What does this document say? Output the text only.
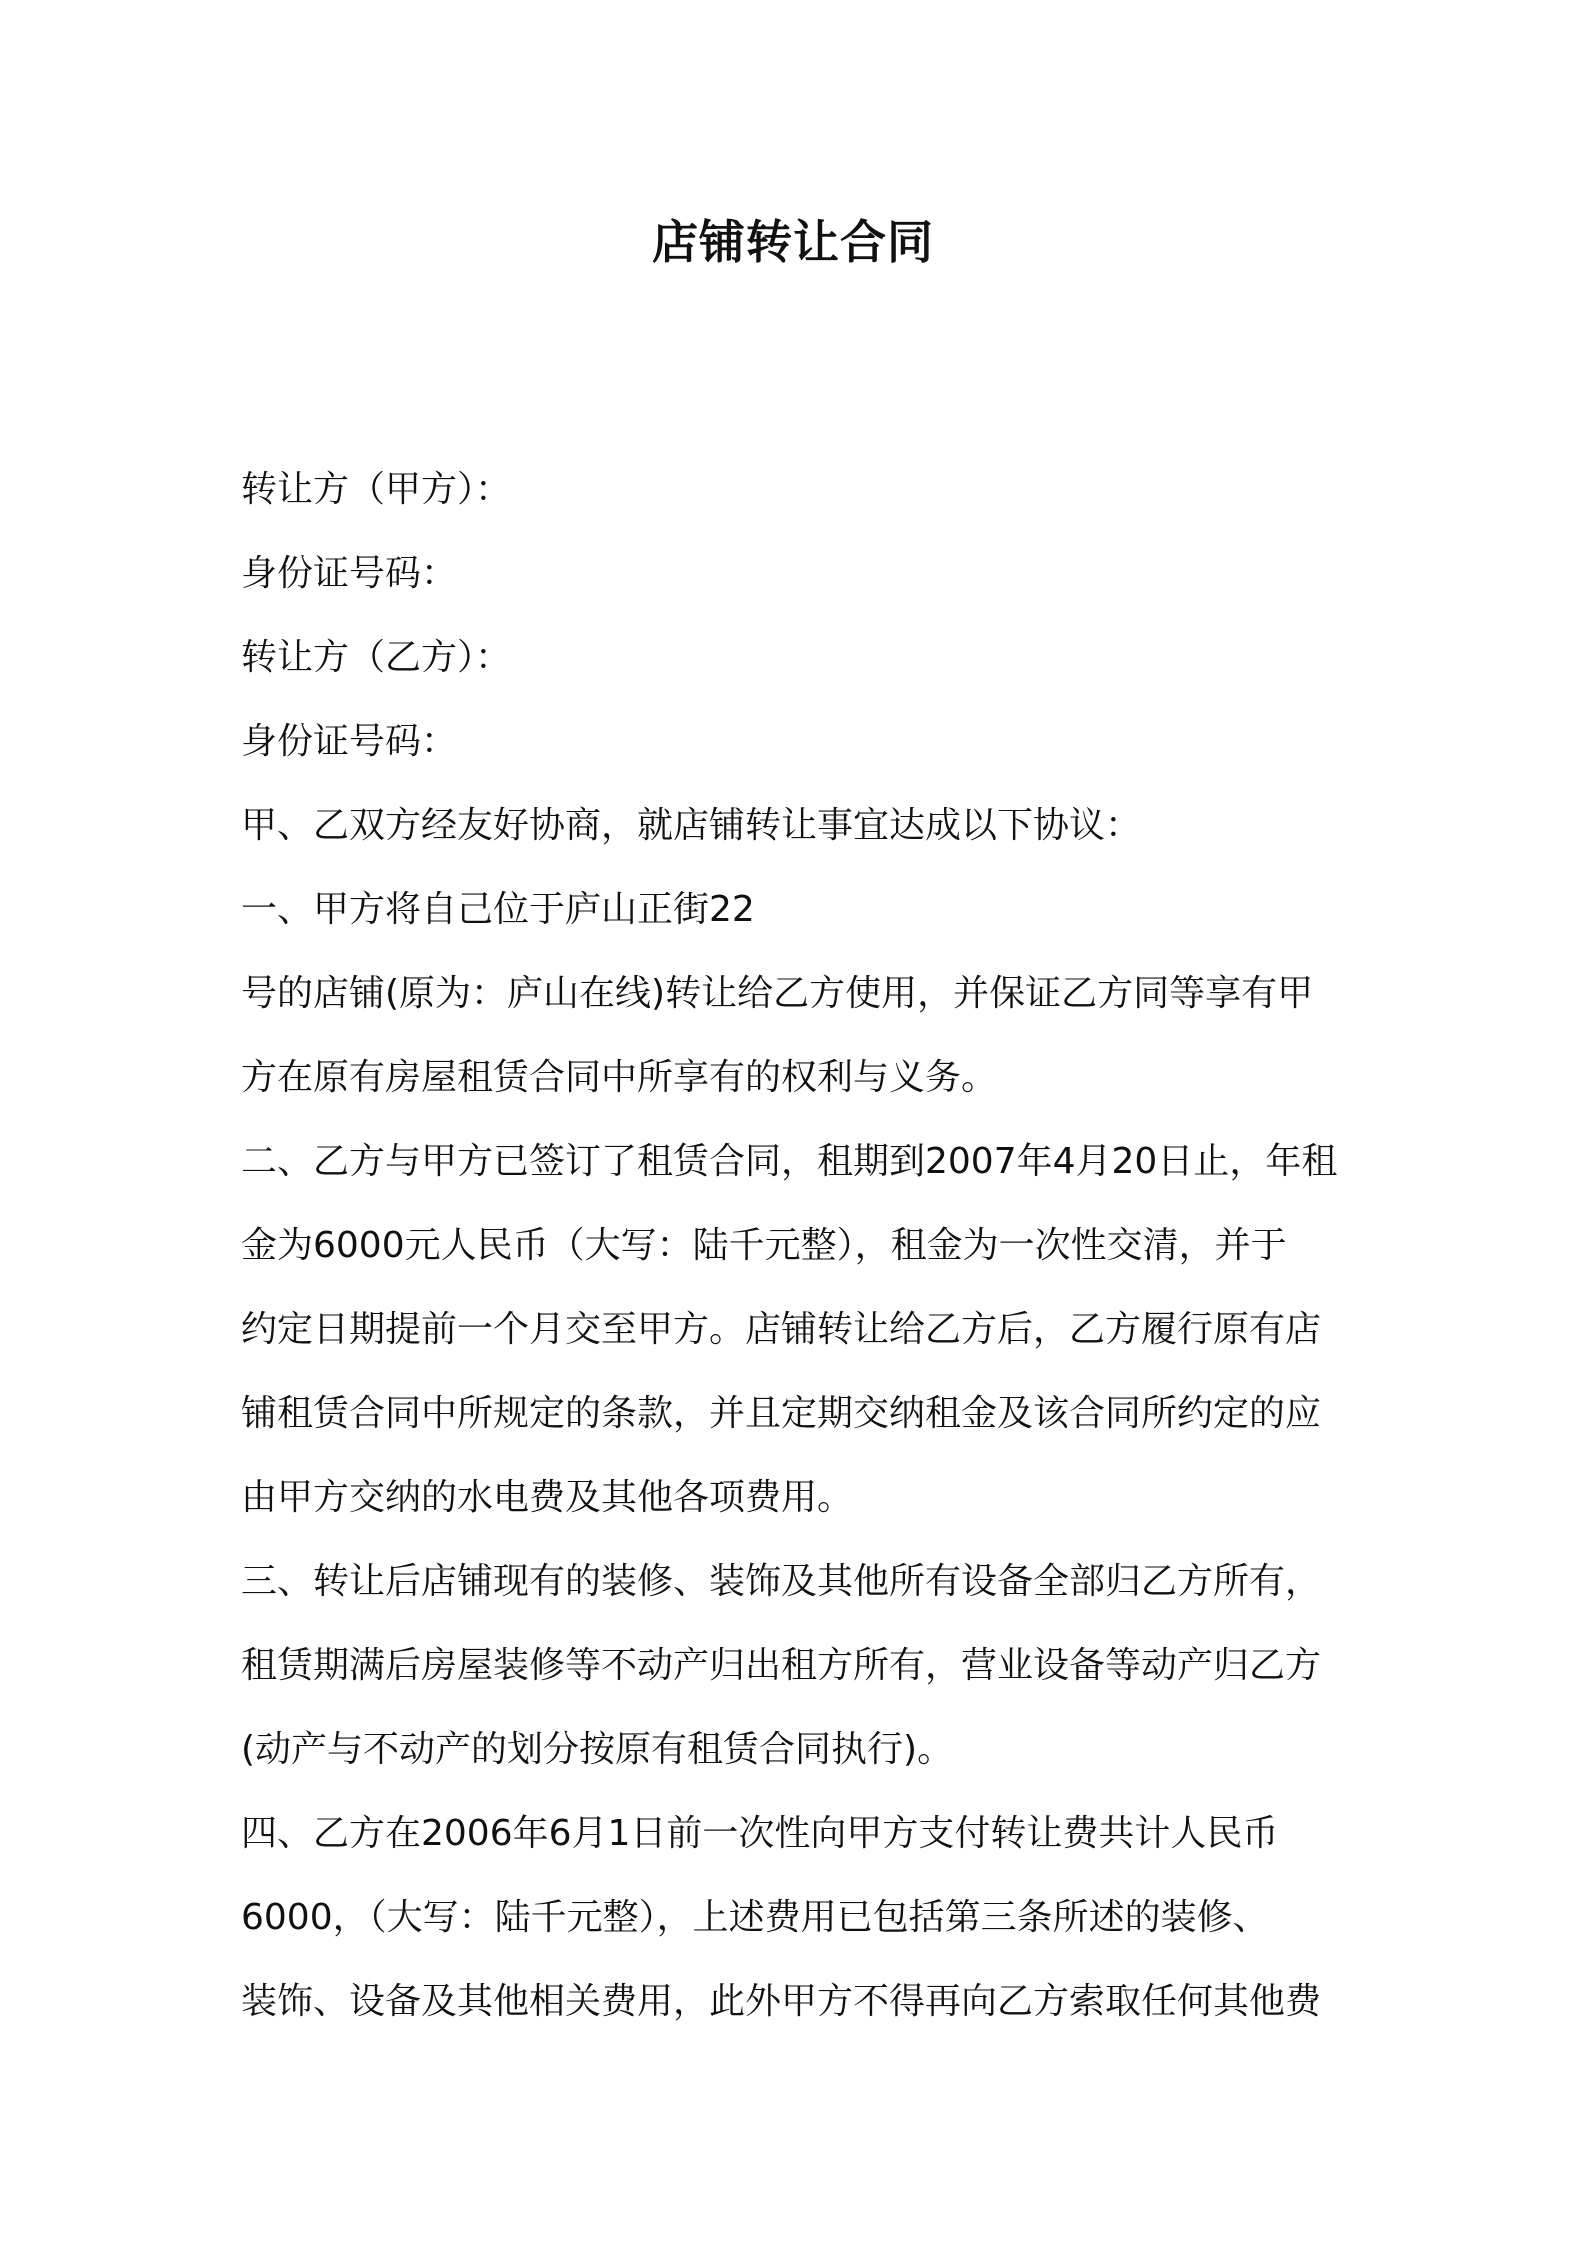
店铺转让合同
转让方（甲方）：
身份证号码：
转让方（乙方）：
身份证号码：
甲、乙双方经友好协商，就店铺转让事宜达成以下协议：
一、甲方将自己位于庐山正街22
号的店铺(原为：庐山在线)转让给乙方使用，并保证乙方同等享有甲
方在原有房屋租赁合同中所享有的权利与义务。
二、乙方与甲方已签订了租赁合同，租期到2007年4月20日止，年租
金为6000元人民币（大写：陆千元整），租金为一次性交清，并于
约定日期提前一个月交至甲方。店铺转让给乙方后，乙方履行原有店
铺租赁合同中所规定的条款，并且定期交纳租金及该合同所约定的应
由甲方交纳的水电费及其他各项费用。
三、转让后店铺现有的装修、装饰及其他所有设备全部归乙方所有，
租赁期满后房屋装修等不动产归出租方所有，营业设备等动产归乙方
(动产与不动产的划分按原有租赁合同执行)。
四、乙方在2006年6月1日前一次性向甲方支付转让费共计人民币
6000，（大写：陆千元整），上述费用已包括第三条所述的装修、
装饰、设备及其他相关费用，此外甲方不得再向乙方索取任何其他费
